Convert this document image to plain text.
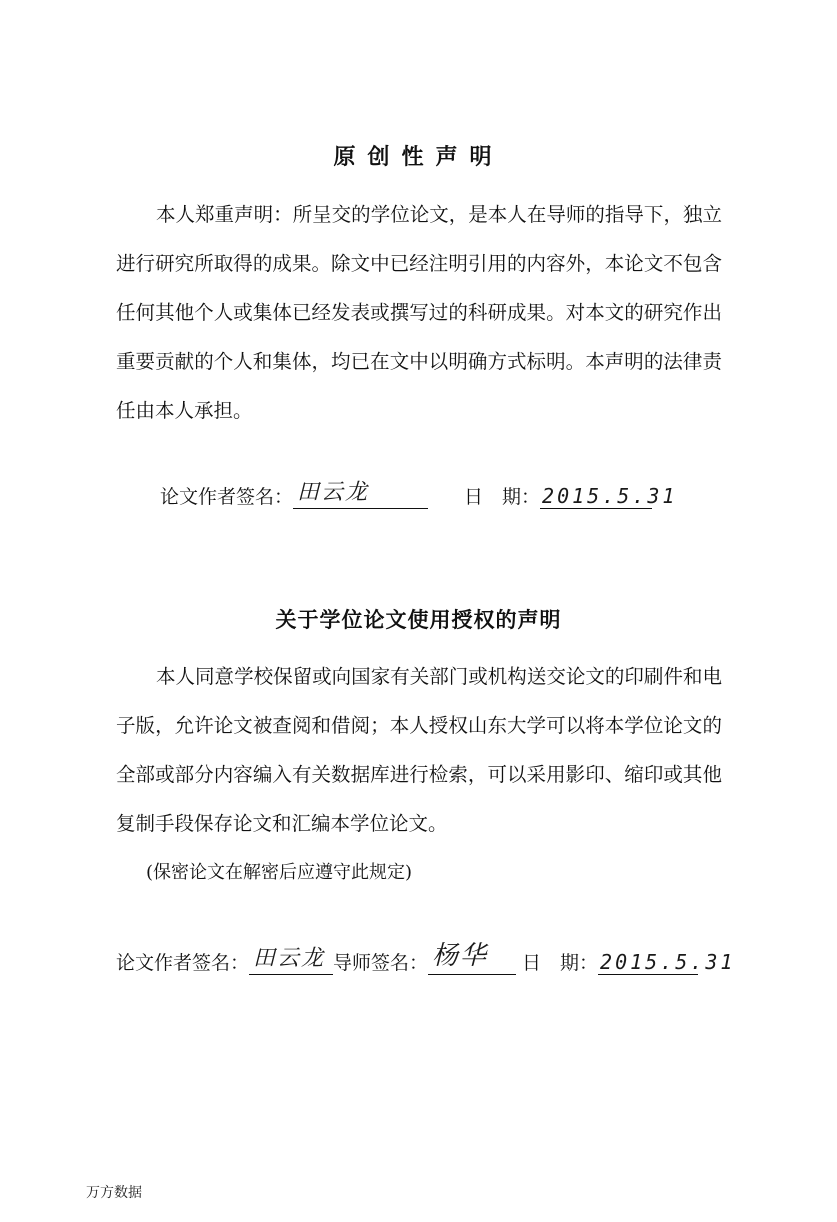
原创性声明

本人郑重声明：所呈交的学位论文，是本人在导师的指导下，独立进行研究所取得的成果。除文中已经注明引用的内容外，本论文不包含任何其他个人或集体已经发表或撰写过的科研成果。对本文的研究作出重要贡献的个人和集体，均已在文中以明确方式标明。本声明的法律责任由本人承担。

论文作者签名： 田云龙	日　期： 2015.5.31
关于学位论文使用授权的声明

本人同意学校保留或向国家有关部门或机构送交论文的印刷件和电子版，允许论文被查阅和借阅；本人授权山东大学可以将本学位论文的全部或部分内容编入有关数据库进行检索，可以采用影印、缩印或其他复制手段保存论文和汇编本学位论文。

(保密论文在解密后应遵守此规定)

论文作者签名： 田云龙 导师签名： 杨华 日　期： 2015.5.31
万方数据
